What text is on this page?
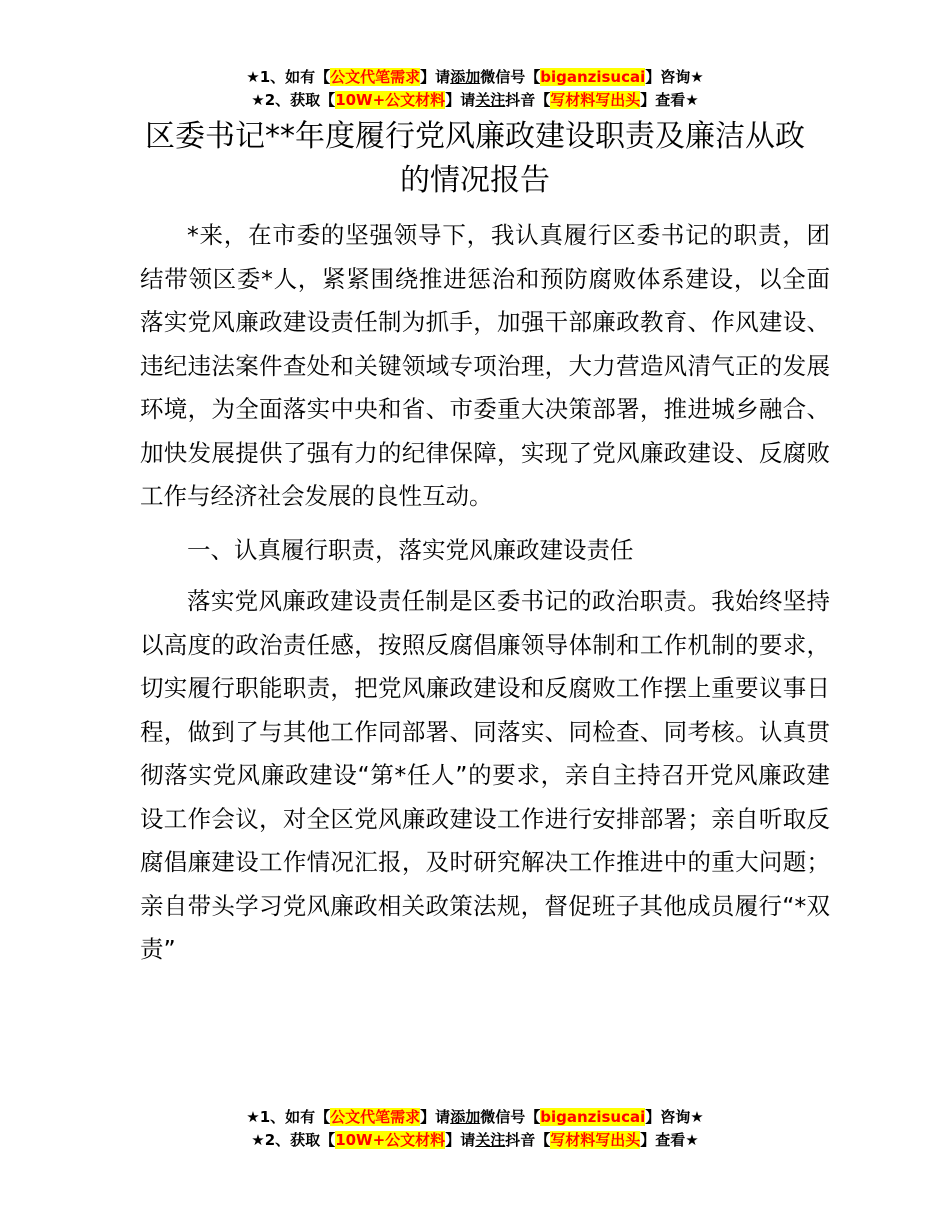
★1、如有【公文代笔需求】请添加微信号【biganzisucai】咨询★
★2、获取【10W+公文材料】请关注抖音【写材料写出头】查看★
区委书记**年度履行党风廉政建设职责及廉洁从政的情况报告

*来，在市委的坚强领导下，我认真履行区委书记的职责，团结带领区委*人，紧紧围绕推进惩治和预防腐败体系建设，以全面落实党风廉政建设责任制为抓手，加强干部廉政教育、作风建设、违纪违法案件查处和关键领域专项治理，大力营造风清气正的发展环境，为全面落实中央和省、市委重大决策部署，推进城乡融合、加快发展提供了强有力的纪律保障，实现了党风廉政建设、反腐败工作与经济社会发展的良性互动。

一、认真履行职责，落实党风廉政建设责任

落实党风廉政建设责任制是区委书记的政治职责。我始终坚持以高度的政治责任感，按照反腐倡廉领导体制和工作机制的要求，切实履行职能职责，把党风廉政建设和反腐败工作摆上重要议事日程，做到了与其他工作同部署、同落实、同检查、同考核。认真贯彻落实党风廉政建设“第*任人”的要求，亲自主持召开党风廉政建设工作会议，对全区党风廉政建设工作进行安排部署；亲自听取反腐倡廉建设工作情况汇报，及时研究解决工作推进中的重大问题；亲自带头学习党风廉政相关政策法规，督促班子其他成员履行“*双责”

★1、如有【公文代笔需求】请添加微信号【biganzisucai】咨询★
★2、获取【10W+公文材料】请关注抖音【写材料写出头】查看★
